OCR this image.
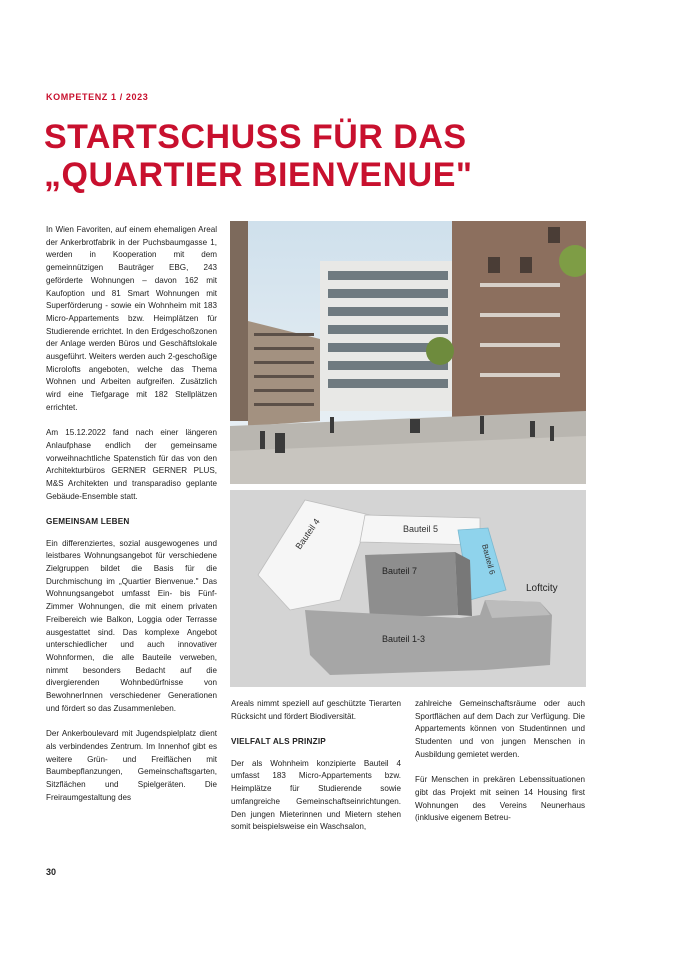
KOMPETENZ 1 / 2023
STARTSCHUSS FÜR DAS
„QUARTIER BIENVENUE"

In Wien Favoriten, auf einem ehemaligen Areal der Ankerbrotfabrik in der Puchsbaumgasse 1, werden in Kooperation mit dem gemeinnützigen Bauträger EBG, 243 geförderte Wohnungen – davon 162 mit Kaufoption und 81 Smart Wohnungen mit Superförderung - sowie ein Wohnheim mit 183 Micro-Appartements bzw. Heimplätzen für Studierende errichtet. In den Erdgeschoßzonen der Anlage werden Büros und Geschäftslokale ausgeführt. Weiters werden auch 2-geschoßige Microlofts angeboten, welche das Thema Wohnen und Arbeiten aufgreifen. Zusätzlich wird eine Tiefgarage mit 182 Stellplätzen errichtet.

Am 15.12.2022 fand nach einer längeren Anlaufphase endlich der gemeinsame vorweihnachtliche Spatenstich für das von den Architekturbüros GERNER GERNER PLUS, M&S Architekten und transparadiso geplante Gebäude-Ensemble statt.

GEMEINSAM LEBEN

Ein differenziertes, sozial ausgewogenes und leistbares Wohnungsangebot für verschiedene Zielgruppen bildet die Basis für die Durchmischung im „Quartier Bienvenue." Das Wohnungsangebot umfasst Ein- bis Fünf-Zimmer Wohnungen, die mit einem privaten Freibereich wie Balkon, Loggia oder Terrasse ausgestattet sind. Das komplexe Angebot unterschiedlicher und auch innovativer Wohnformen, die alle Bauteile verweben, nimmt besonders Bedacht auf die divergierenden Wohnbedürfnisse von BewohnerInnen verschiedener Generationen und fördert so das Zusammenleben.

Der Ankerboulevard mit Jugendspielplatz dient als verbindendes Zentrum. Im Innenhof gibt es weitere Grün- und Freiflächen mit Baumbepflanzungen, Gemeinschaftsgarten, Sitzflächen und Spielgeräten. Die Freiraumgestaltung des

Bauteil 4	Bauteil 5
Bauteil 6
Bauteil 7
Bauteil 1-3
Loftcity

Areals nimmt speziell auf geschützte Tierarten Rücksicht und fördert Biodiversität.

VIELFALT ALS PRINZIP

Der als Wohnheim konzipierte Bauteil 4 umfasst 183 Micro-Appartements bzw. Heimplätze für Studierende sowie umfangreiche Gemeinschaftseinrichtungen. Den jungen Mieterinnen und Mietern stehen somit beispielsweise ein Waschsalon,

zahlreiche Gemeinschaftsräume oder auch Sportflächen auf dem Dach zur Verfügung. Die Appartements können von Studentinnen und Studenten und von jungen Menschen in Ausbildung gemietet werden.

Für Menschen in prekären Lebenssituationen gibt das Projekt mit seinen 14 Housing first Wohnungen des Vereins Neunerhaus (inklusive eigenem Betreu-

30
